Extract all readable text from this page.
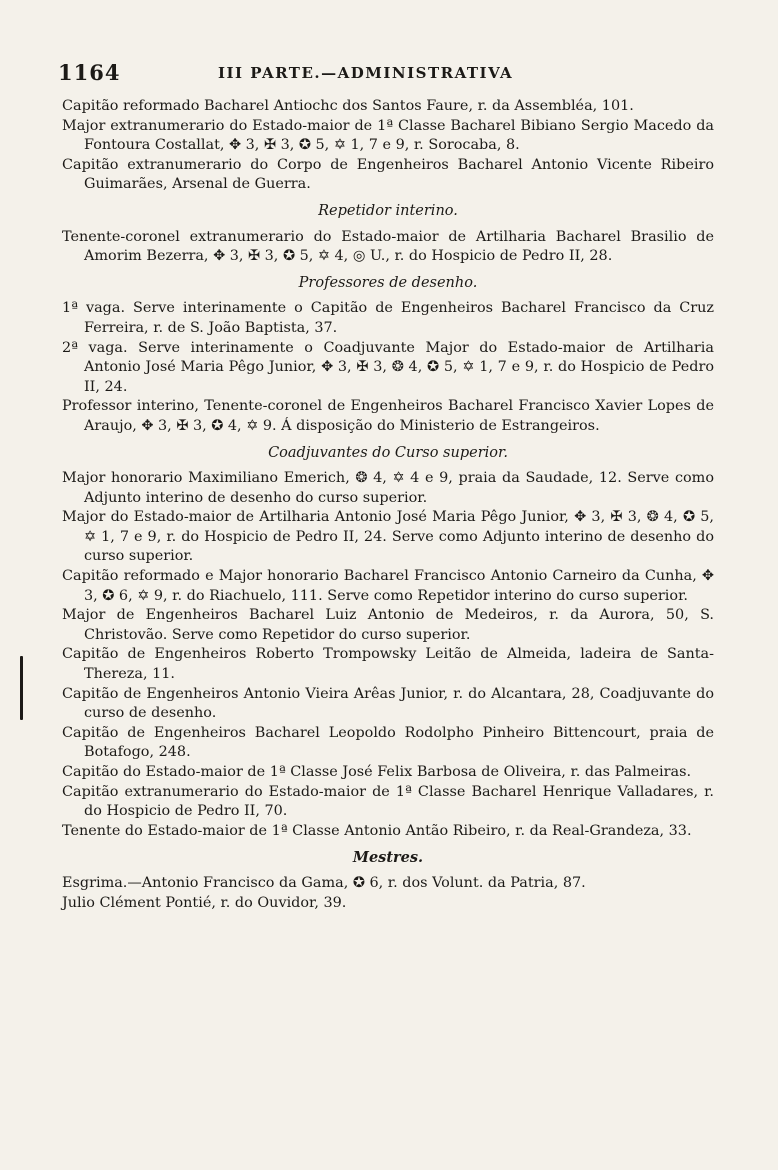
1164	III PARTE.—ADMINISTRATIVA

Capitão reformado Bacharel Antiochc dos Santos Faure, r. da Assembléa, 101.

Major extranumerario do Estado-maior de 1ª Classe Bacharel Bibiano Sergio Macedo da Fontoura Costallat, ✥ 3, ✠ 3, ✪ 5, ✡ 1, 7 e 9, r. Sorocaba, 8.

Capitão extranumerario do Corpo de Engenheiros Bacharel Antonio Vicente Ribeiro Guimarães, Arsenal de Guerra.

Repetidor interino.

Tenente-coronel extranumerario do Estado-maior de Artilharia Bacharel Brasilio de Amorim Bezerra, ✥ 3, ✠ 3, ✪ 5, ✡ 4, ◎ U., r. do Hospicio de Pedro II, 28.

Professores de desenho.

1ª vaga. Serve interinamente o Capitão de Engenheiros Bacharel Francisco da Cruz Ferreira, r. de S. João Baptista, 37.

2ª vaga. Serve interinamente o Coadjuvante Major do Estado-maior de Artilharia Antonio José Maria Pêgo Junior, ✥ 3, ✠ 3, ❂ 4, ✪ 5, ✡ 1, 7 e 9, r. do Hospicio de Pedro II, 24.

Professor interino, Tenente-coronel de Engenheiros Bacharel Francisco Xavier Lopes de Araujo, ✥ 3, ✠ 3, ✪ 4, ✡ 9. Á disposição do Ministerio de Estrangeiros.

Coadjuvantes do Curso superior.

Major honorario Maximiliano Emerich, ❂ 4, ✡ 4 e 9, praia da Saudade, 12. Serve como Adjunto interino de desenho do curso superior.

Major do Estado-maior de Artilharia Antonio José Maria Pêgo Junior, ✥ 3, ✠ 3, ❂ 4, ✪ 5, ✡ 1, 7 e 9, r. do Hospicio de Pedro II, 24. Serve como Adjunto interino de desenho do curso superior.

Capitão reformado e Major honorario Bacharel Francisco Antonio Carneiro da Cunha, ✥ 3, ✪ 6, ✡ 9, r. do Riachuelo, 111. Serve como Repetidor interino do curso superior.

Major de Engenheiros Bacharel Luiz Antonio de Medeiros, r. da Aurora, 50, S. Christovão. Serve como Repetidor do curso superior.

Capitão de Engenheiros Roberto Trompowsky Leitão de Almeida, ladeira de Santa-Thereza, 11.

Capitão de Engenheiros Antonio Vieira Arêas Junior, r. do Alcantara, 28, Coadjuvante do curso de desenho.

Capitão de Engenheiros Bacharel Leopoldo Rodolpho Pinheiro Bittencourt, praia de Botafogo, 248.

Capitão do Estado-maior de 1ª Classe José Felix Barbosa de Oliveira, r. das Palmeiras.

Capitão extranumerario do Estado-maior de 1ª Classe Bacharel Henrique Valladares, r. do Hospicio de Pedro II, 70.

Tenente do Estado-maior de 1ª Classe Antonio Antão Ribeiro, r. da Real-Grandeza, 33.

Mestres.

Esgrima.—Antonio Francisco da Gama, ✪ 6, r. dos Volunt. da Patria, 87.

Julio Clément Pontié, r. do Ouvidor, 39.
